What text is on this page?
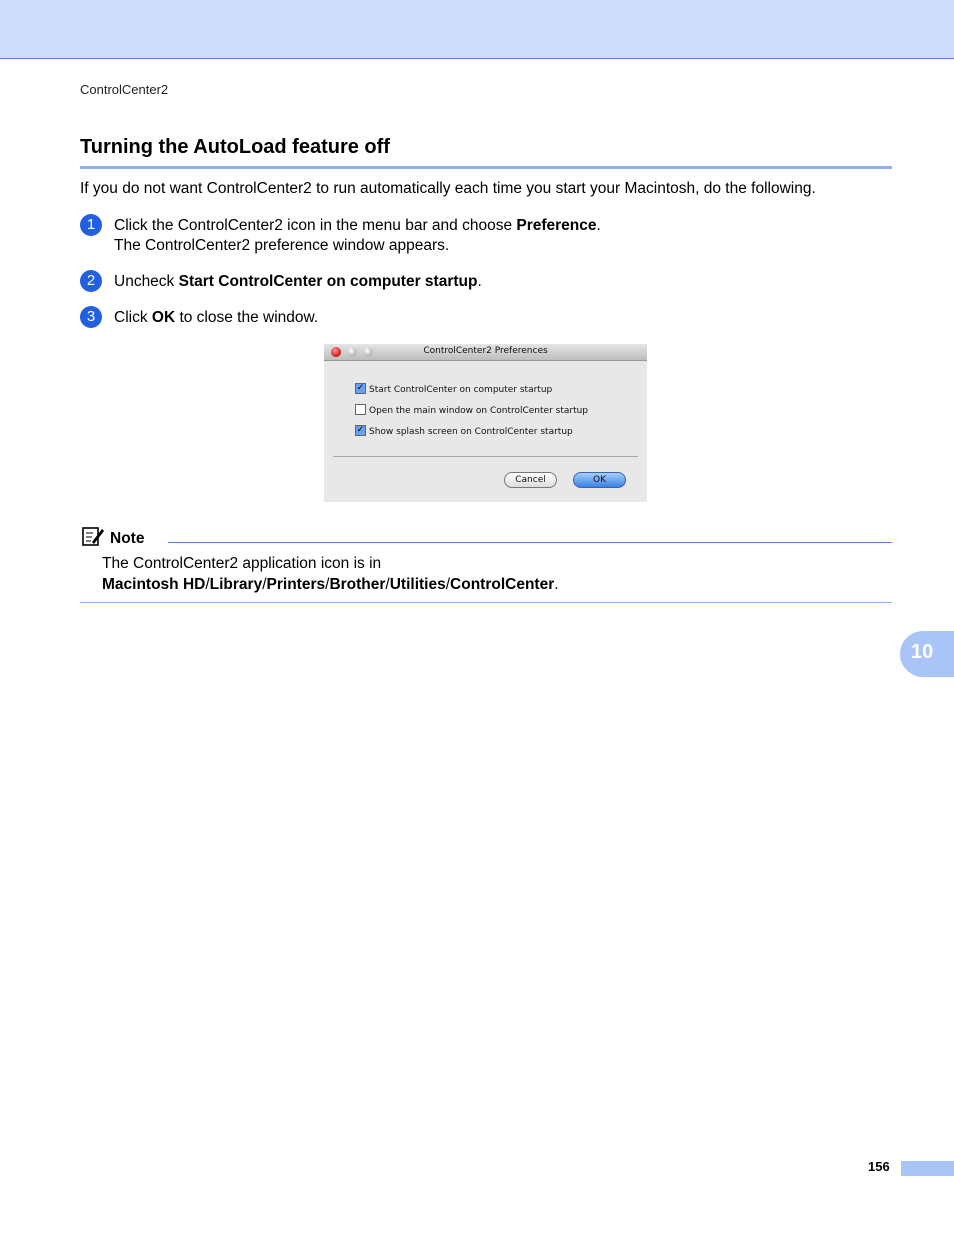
ControlCenter2
Turning the AutoLoad feature off
If you do not want ControlCenter2 to run automatically each time you start your Macintosh, do the following.
1	Click the ControlCenter2 icon in the menu bar and choose Preference.
The ControlCenter2 preference window appears.
2	Uncheck Start ControlCenter on computer startup.
3	Click OK to close the window.
ControlCenter2 Preferences
✓ Start ControlCenter on computer startup
Open the main window on ControlCenter startup
✓ Show splash screen on ControlCenter startup
Cancel	OK
Note
The ControlCenter2 application icon is in
Macintosh HD/Library/Printers/Brother/Utilities/ControlCenter.
10
156
